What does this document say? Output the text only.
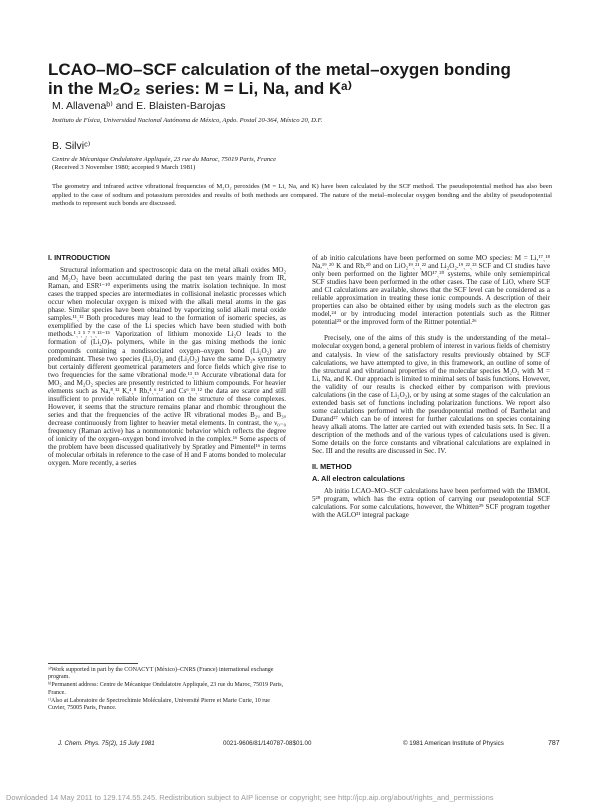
LCAO–MO–SCF calculation of the metal–oxygen bonding in the M₂O₂ series: M = Li, Na, and Kᵃ⁾
M. Allavenaᵇ⁾ and E. Blaisten-Barojas
Instituto de Física, Universidad Nacional Autónoma de México, Apdo. Postal 20-364, México 20, D.F.
B. Silviᶜ⁾
Centre de Mécanique Ondulatoire Appliquée, 23 rue du Maroc, 75019 Paris, France
(Received 3 November 1980; accepted 9 March 1981)

The geometry and infrared active vibrational frequencies of M₂O₂ peroxides (M = Li, Na, and K) have been calculated by the SCF method. The pseudopotential method has also been applied to the case of sodium and potassium peroxides and results of both methods are compared. The nature of the metal–molecular oxygen bonding and the ability of pseudopotential methods to represent such bonds are discussed.

I. INTRODUCTION

Structural information and spectroscopic data on the metal alkali oxides MO₂ and M₂O₂ have been accumulated during the past ten years mainly from IR, Raman, and ESR¹⁻¹⁰ experiments using the matrix isolation technique. In most cases the trapped species are intermediates in collisional inelastic processes which occur when molecular oxygen is mixed with the alkali metal atoms in the gas phase. Similar species have been obtained by vaporizing solid alkali metal oxide samples.¹¹ˎ¹² Both procedures may lead to the formation of isomeric species, as exemplified by the case of the Li species which have been studied with both methods.¹ˎ²ˎ⁵ˎ⁷ˎ⁹ˎ¹³⁻¹⁵ Vaporization of lithium monoxide Li₂O leads to the formation of (Li₂O)ₙ polymers, while in the gas mixing methods the ionic compounds containing a nondissociated oxygen–oxygen bond (Li₂O₂) are predominant. These two species (Li₂O)₂ and (Li₂O₂) have the same D₂ₕ symmetry but certainly different geometrical parameters and force fields which give rise to two frequencies for the same vibrational mode.¹³ˎ¹⁵ Accurate vibrational data for MO₂ and M₂O₂ species are presently restricted to lithium compounds. For heavier elements such as Na,⁸ˎ¹² K,⁴ˎ⁸ Rb,⁴ˎ⁶ˎ¹² and Cs⁶ˎ¹¹ˎ¹² the data are scarce and still insufficient to provide reliable information on the structure of these complexes. However, it seems that the structure remains planar and rhombic throughout the series and that the frequencies of the active IR vibrational modes B₂ᵤ and B₃ᵤ decrease continuously from lighter to heavier metal elements. In contrast, the ν₀₋₀ frequency (Raman active) has a nonmonotonic behavior which reflects the degree of ionicity of the oxygen–oxygen bond involved in the complex.¹⁶ Some aspects of the problem have been discussed qualitatively by Spratley and Pimentel¹⁶ in terms of molecular orbitals in reference to the case of H and F atoms bonded to molecular oxygen. More recently, a series

ᵃ⁾Work supported in part by the CONACYT (México)–CNRS (France) international exchange program.

ᵇ⁾Permanent address: Centre de Mécanique Ondulatoire Appliquée, 23 rue du Maroc, 75019 Paris, France.

ᶜ⁾Also at Laboratoire de Spectrochimie Moléculaire, Université Pierre et Marie Curie, 10 rue Cuvier, 75005 Paris, France.

of ab initio calculations have been performed on some MO species: M = Li,¹⁷ˎ¹⁸ Na,¹⁹ˎ²⁰ K and Rb,²⁰ and on LiO₂¹⁹ˎ²¹ˎ²² and Li₂O₂.¹⁹ˎ²²ˎ²³ SCF and CI studies have only been performed on the lighter MO¹⁷ˎ²⁰ systems, while only semiempirical SCF studies have been performed in the other cases. The case of LiO, where SCF and CI calculations are available, shows that the SCF level can be considered as a reliable approximation in treating these ionic compounds. A description of their properties can also be obtained either by using models such as the electron gas model,²⁴ or by introducing model interaction potentials such as the Rittner potential²⁵ or the improved form of the Rittner potential.²⁶

Precisely, one of the aims of this study is the understanding of the metal–molecular oxygen bond, a general problem of interest in various fields of chemistry and catalysis. In view of the satisfactory results previously obtained by SCF calculations, we have attempted to give, in this framework, an outline of some of the structural and vibrational properties of the molecular species M₂O₂ with M = Li, Na, and K. Our approach is limited to minimal sets of basis functions. However, the validity of our results is checked either by comparison with previous calculations (in the case of Li₂O₂), or by using at some stages of the calculation an extended basis set of functions including polarization functions. We report also some calculations performed with the pseudopotential method of Barthelat and Durand²⁷ which can be of interest for further calculations on species containing heavy alkali atoms. The latter are carried out with extended basis sets. In Sec. II a description of the methods and of the various types of calculations used is given. Some details on the force constants and vibrational calculations are explained in Sec. III and the results are discussed in Sec. IV.

II. METHOD
A. All electron calculations

Ab initio LCAO–MO–SCF calculations have been performed with the IBMOL 5²⁸ program, which has the extra option of carrying our pseudopotential SCF calculations. For some calculations, however, the Whitten²⁹ SCF program together with the AGLO³¹ integral package

J. Chem. Phys. 75(2), 15 July 1981	0021-9606/81/140787-08$01.00	© 1981 American Institute of Physics	787
Downloaded 14 May 2011 to 129.174.55.245. Redistribution subject to AIP license or copyright; see http://jcp.aip.org/about/rights_and_permissions
